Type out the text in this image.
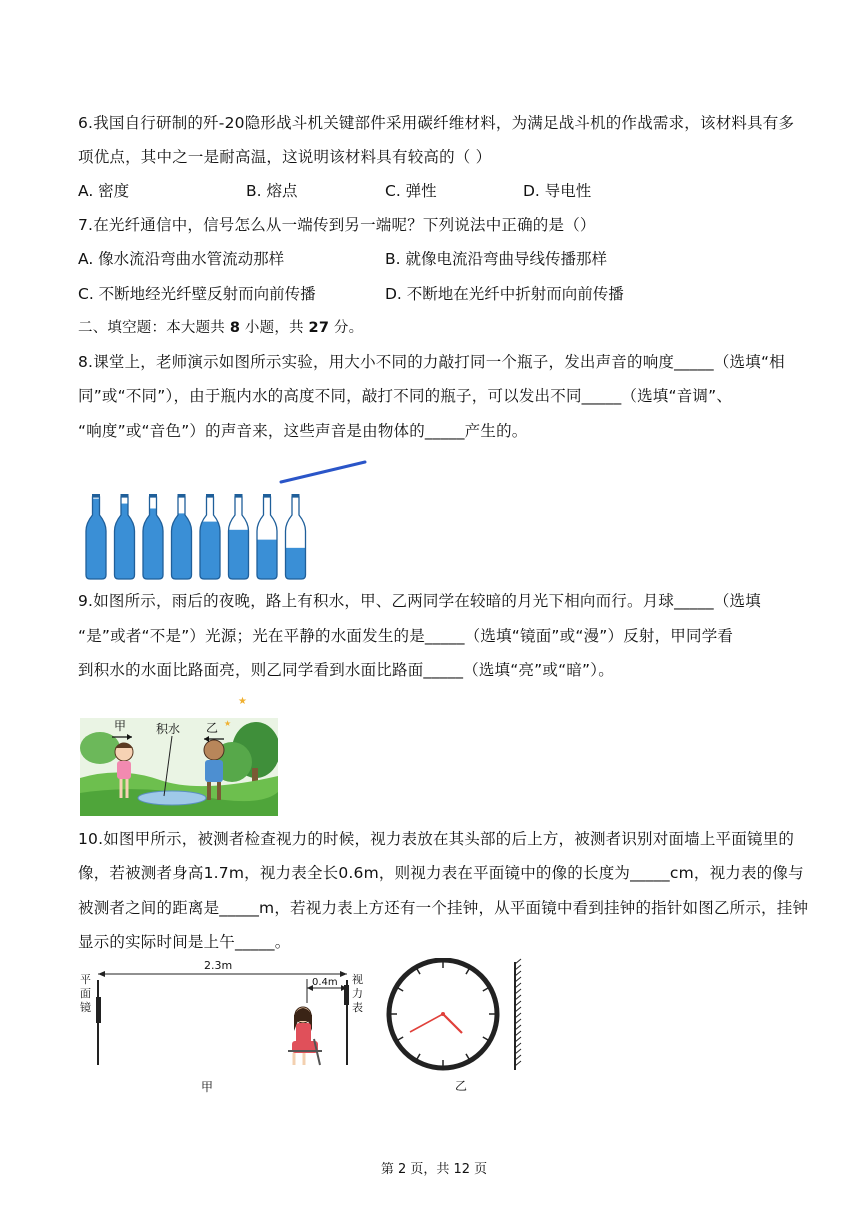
6.我国自行研制的歼-20隐形战斗机关键部件采用碳纤维材料，为满足战斗机的作战需求，该材料具有多
项优点，其中之一是耐高温，这说明该材料具有较高的（ ）
A. 密度	B. 熔点	C. 弹性	D. 导电性
7.在光纤通信中，信号怎么从一端传到另一端呢？下列说法中正确的是（）
A. 像水流沿弯曲水管流动那样	B. 就像电流沿弯曲导线传播那样
C. 不断地经光纤壁反射而向前传播	D. 不断地在光纤中折射而向前传播
二、填空题：本大题共 8 小题，共 27 分。
8.课堂上，老师演示如图所示实验，用大小不同的力敲打同一个瓶子，发出声音的响度_____（选填“相
同”或“不同”），由于瓶内水的高度不同，敲打不同的瓶子，可以发出不同_____（选填“音调”、
“响度”或“音色”）的声音来，这些声音是由物体的_____产生的。
9.如图所示，雨后的夜晚，路上有积水，甲、乙两同学在较暗的月光下相向而行。月球_____（选填
“是”或者“不是”）光源；光在平静的水面发生的是_____（选填“镜面”或“漫”）反射，甲同学看
到积水的水面比路面亮，则乙同学看到水面比路面_____（选填“亮”或“暗”）。
★
★
甲 积水 乙
10.如图甲所示，被测者检查视力的时候，视力表放在其头部的后上方，被测者识别对面墙上平面镜里的
像，若被测者身高1.7m，视力表全长0.6m，则视力表在平面镜中的像的长度为_____cm，视力表的像与
被测者之间的距离是_____m，若视力表上方还有一个挂钟，从平面镜中看到挂钟的指针如图乙所示，挂钟
显示的实际时间是上午_____。
2.3m
0.4m
平
面
镜
视
力
表
甲	乙
第 2 页，共 12 页
